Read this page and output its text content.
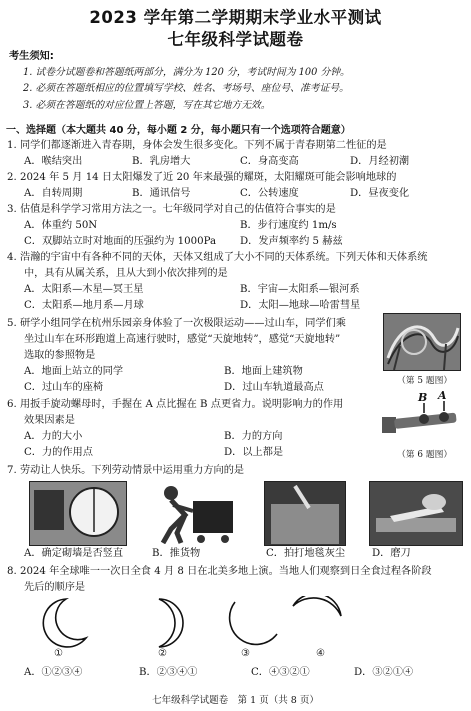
2023 学年第二学期期末学业水平测试
七年级科学试题卷
考生须知:
1. 试卷分试题卷和答题纸两部分，满分为 120 分，考试时间为 100 分钟。
2. 必须在答题纸相应的位置填写学校、姓名、考场号、座位号、准考证号。
3. 必须在答题纸的对应位置上答题，写在其它地方无效。
一、选择题（本大题共 40 分，每小题 2 分，每小题只有一个选项符合题意）
1. 同学们都逐渐进入青春期，身体会发生很多变化。下列不属于青春期第二性征的是
A．喉结突出	B．乳房增大	C．身高变高	D．月经初潮
2. 2024 年 5 月 14 日太阳爆发了近 20 年来最强的耀斑，太阳耀斑可能会影响地球的
A．自转周期	B．通讯信号	C．公转速度	D．昼夜变化
3. 估值是科学学习常用方法之一。七年级同学对自己的估值符合事实的是
A．体重约 50N	B．步行速度约 1m/s
C．双脚站立时对地面的压强约为 1000Pa D．发声频率约 5 赫兹
4. 浩瀚的宇宙中有各种不同的天体，天体又组成了大小不同的天体系统。下列天体和天体系统
中，具有从属关系，且从大到小依次排列的是
A．太阳系—木星—冥王星	B．宇宙—太阳系—银河系
C．太阳系—地月系—月球	D．太阳—地球—哈雷彗星
5. 研学小组同学在杭州乐园亲身体验了一次极限运动——过山车，同学们乘
坐过山车在环形跑道上高速行驶时，感觉“天旋地转”，感觉“天旋地转”
选取的参照物是
A．地面上站立的同学	B．地面上建筑物
C．过山车的座椅	D．过山车轨道最高点
（第 5 题图）
6. 用扳手旋动螺母时，手握在 A 点比握在 B 点更省力。说明影响力的作用
效果因素是
A．力的大小	B．力的方向
C．力的作用点	D．以上都是
B A
（第 6 题图）
7. 劳动让人快乐。下列劳动情景中运用重力方向的是
A．确定砌墙是否竖直	B．推货物	C．拍打地毯灰尘	D．磨刀
8. 2024 年全球唯一一次日全食 4 月 8 日在北美多地上演。当地人们观察到日全食过程各阶段
先后的顺序是
①	②	③	④
A．①②③④	B．②③④①	C．④③②①	D．③②①④
七年级科学试题卷　第 1 页（共 8 页）
